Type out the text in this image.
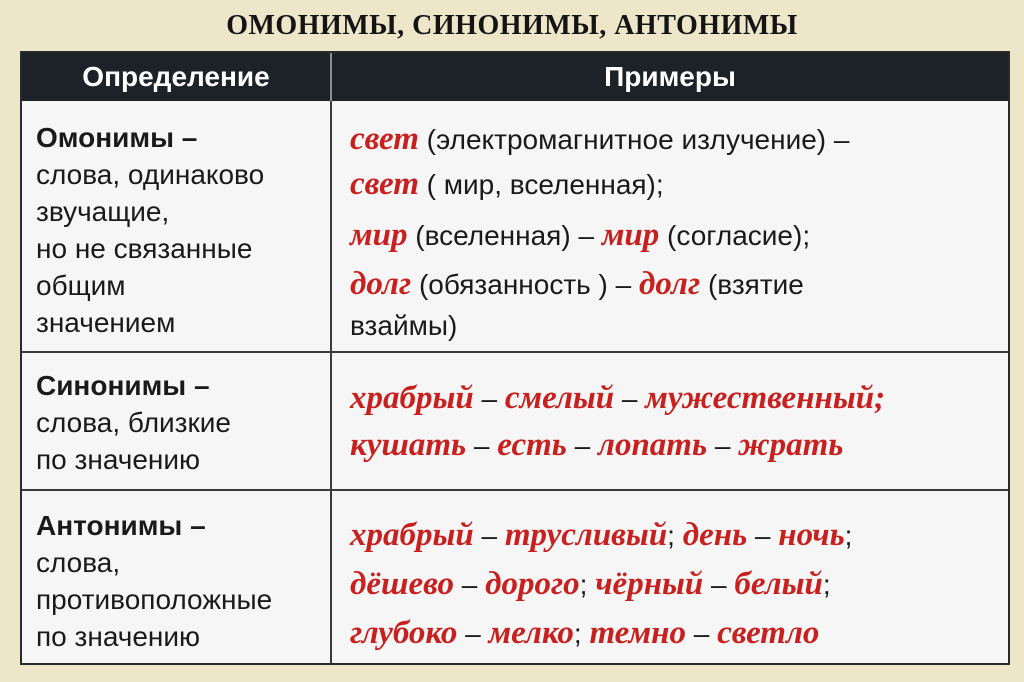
ОМОНИМЫ, СИНОНИМЫ, АНТОНИМЫ
Определение	Примеры
Омонимы –
слова, одинаково
звучащие,
но не связанные
общим
значением
свет (электромагнитное излучение) –
свет ( мир, вселенная);
мир (вселенная) – мир (согласие);
долг (обязанность ) – долг (взятие
взаймы)
Синонимы –
слова, близкие
по значению
храбрый – смелый – мужественный;
кушать – есть – лопать – жрать
Антонимы –
слова,
противоположные
по значению
храбрый – трусливый; день – ночь;
дёшево – дорого; чёрный – белый;
глубоко – мелко; темно – светло
